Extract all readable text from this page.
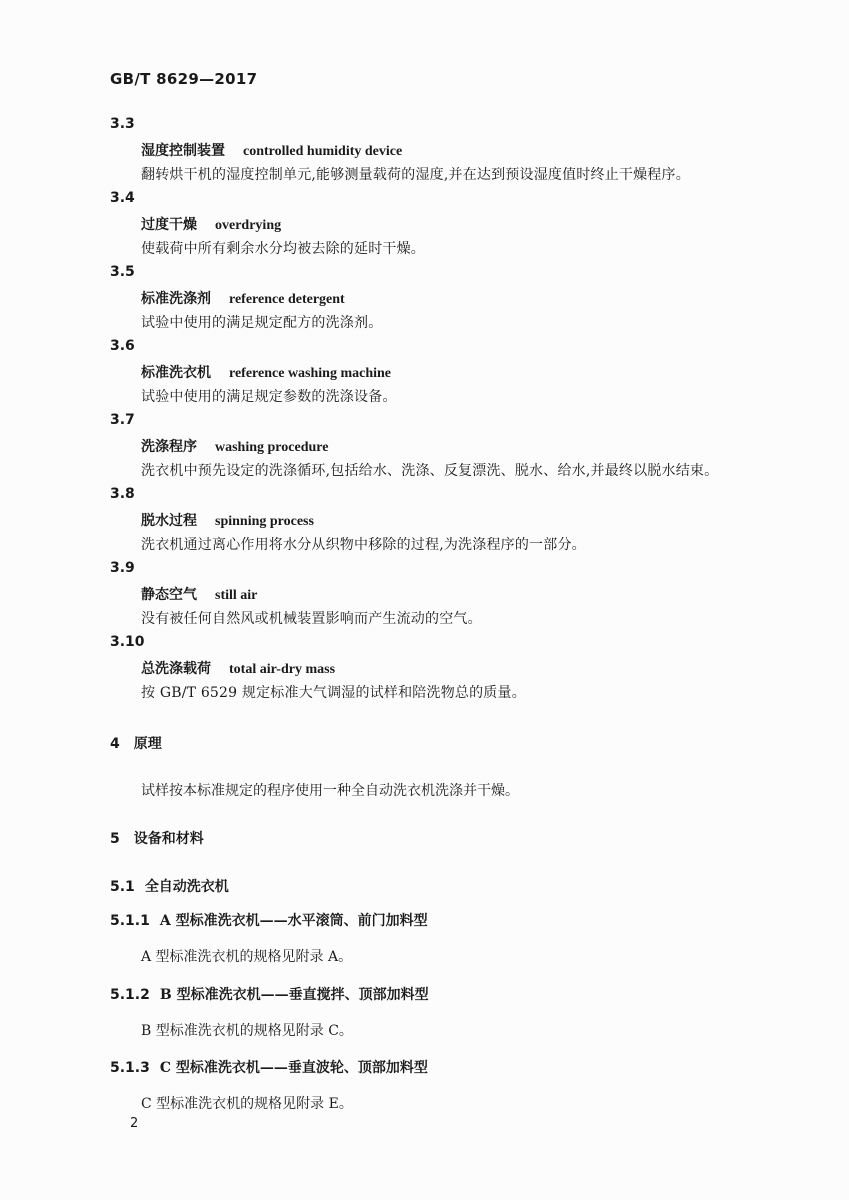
GB/T 8629—2017
3.3
湿度控制装置 controlled humidity device
翻转烘干机的湿度控制单元,能够测量载荷的湿度,并在达到预设湿度值时终止干燥程序。
3.4
过度干燥 overdrying
使载荷中所有剩余水分均被去除的延时干燥。
3.5
标准洗涤剂 reference detergent
试验中使用的满足规定配方的洗涤剂。
3.6
标准洗衣机 reference washing machine
试验中使用的满足规定参数的洗涤设备。
3.7
洗涤程序 washing procedure
洗衣机中预先设定的洗涤循环,包括给水、洗涤、反复漂洗、脱水、给水,并最终以脱水结束。
3.8
脱水过程 spinning process
洗衣机通过离心作用将水分从织物中移除的过程,为洗涤程序的一部分。
3.9
静态空气 still air
没有被任何自然风或机械装置影响而产生流动的空气。
3.10
总洗涤载荷 total air-dry mass
按 GB/T 6529 规定标准大气调湿的试样和陪洗物总的质量。
4 原理
试样按本标准规定的程序使用一种全自动洗衣机洗涤并干燥。
5 设备和材料
5.1 全自动洗衣机
5.1.1 A 型标准洗衣机——水平滚筒、前门加料型
A 型标准洗衣机的规格见附录 A。
5.1.2 B 型标准洗衣机——垂直搅拌、顶部加料型
B 型标准洗衣机的规格见附录 C。
5.1.3 C 型标准洗衣机——垂直波轮、顶部加料型
C 型标准洗衣机的规格见附录 E。
2
